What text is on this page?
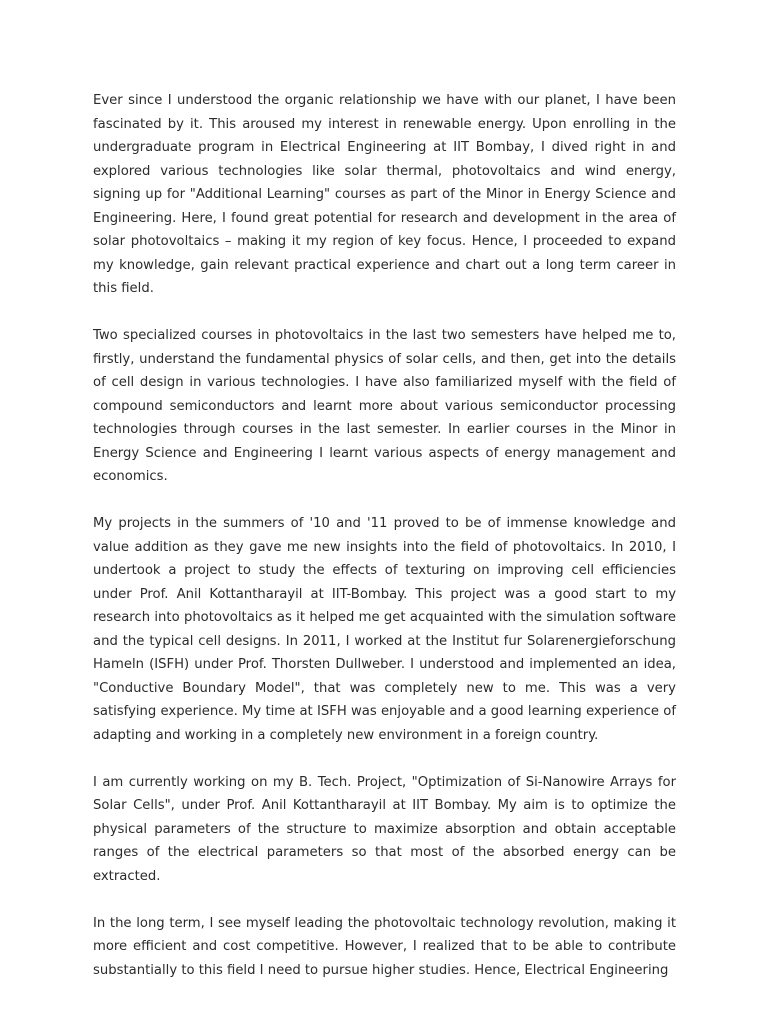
Ever since I understood the organic relationship we have with our planet, I have been fascinated by it. This aroused my interest in renewable energy. Upon enrolling in the undergraduate program in Electrical Engineering at IIT Bombay, I dived right in and explored various technologies like solar thermal, photovoltaics and wind energy, signing up for "Additional Learning" courses as part of the Minor in Energy Science and Engineering. Here, I found great potential for research and development in the area of solar photovoltaics – making it my region of key focus. Hence, I proceeded to expand my knowledge, gain relevant practical experience and chart out a long term career in this field.

Two specialized courses in photovoltaics in the last two semesters have helped me to, firstly, understand the fundamental physics of solar cells, and then, get into the details of cell design in various technologies. I have also familiarized myself with the field of compound semiconductors and learnt more about various semiconductor processing technologies through courses in the last semester. In earlier courses in the Minor in Energy Science and Engineering I learnt various aspects of energy management and economics.

My projects in the summers of '10 and '11 proved to be of immense knowledge and value addition as they gave me new insights into the field of photovoltaics. In 2010, I undertook a project to study the effects of texturing on improving cell efficiencies under Prof. Anil Kottantharayil at IIT-Bombay. This project was a good start to my research into photovoltaics as it helped me get acquainted with the simulation software and the typical cell designs. In 2011, I worked at the Institut fur Solarenergieforschung Hameln (ISFH) under Prof. Thorsten Dullweber. I understood and implemented an idea, "Conductive Boundary Model", that was completely new to me. This was a very satisfying experience. My time at ISFH was enjoyable and a good learning experience of adapting and working in a completely new environment in a foreign country.

I am currently working on my B. Tech. Project, "Optimization of Si-Nanowire Arrays for Solar Cells", under Prof. Anil Kottantharayil at IIT Bombay. My aim is to optimize the physical parameters of the structure to maximize absorption and obtain acceptable ranges of the electrical parameters so that most of the absorbed energy can be extracted.

In the long term, I see myself leading the photovoltaic technology revolution, making it more efficient and cost competitive. However, I realized that to be able to contribute substantially to this field I need to pursue higher studies. Hence, Electrical Engineering
